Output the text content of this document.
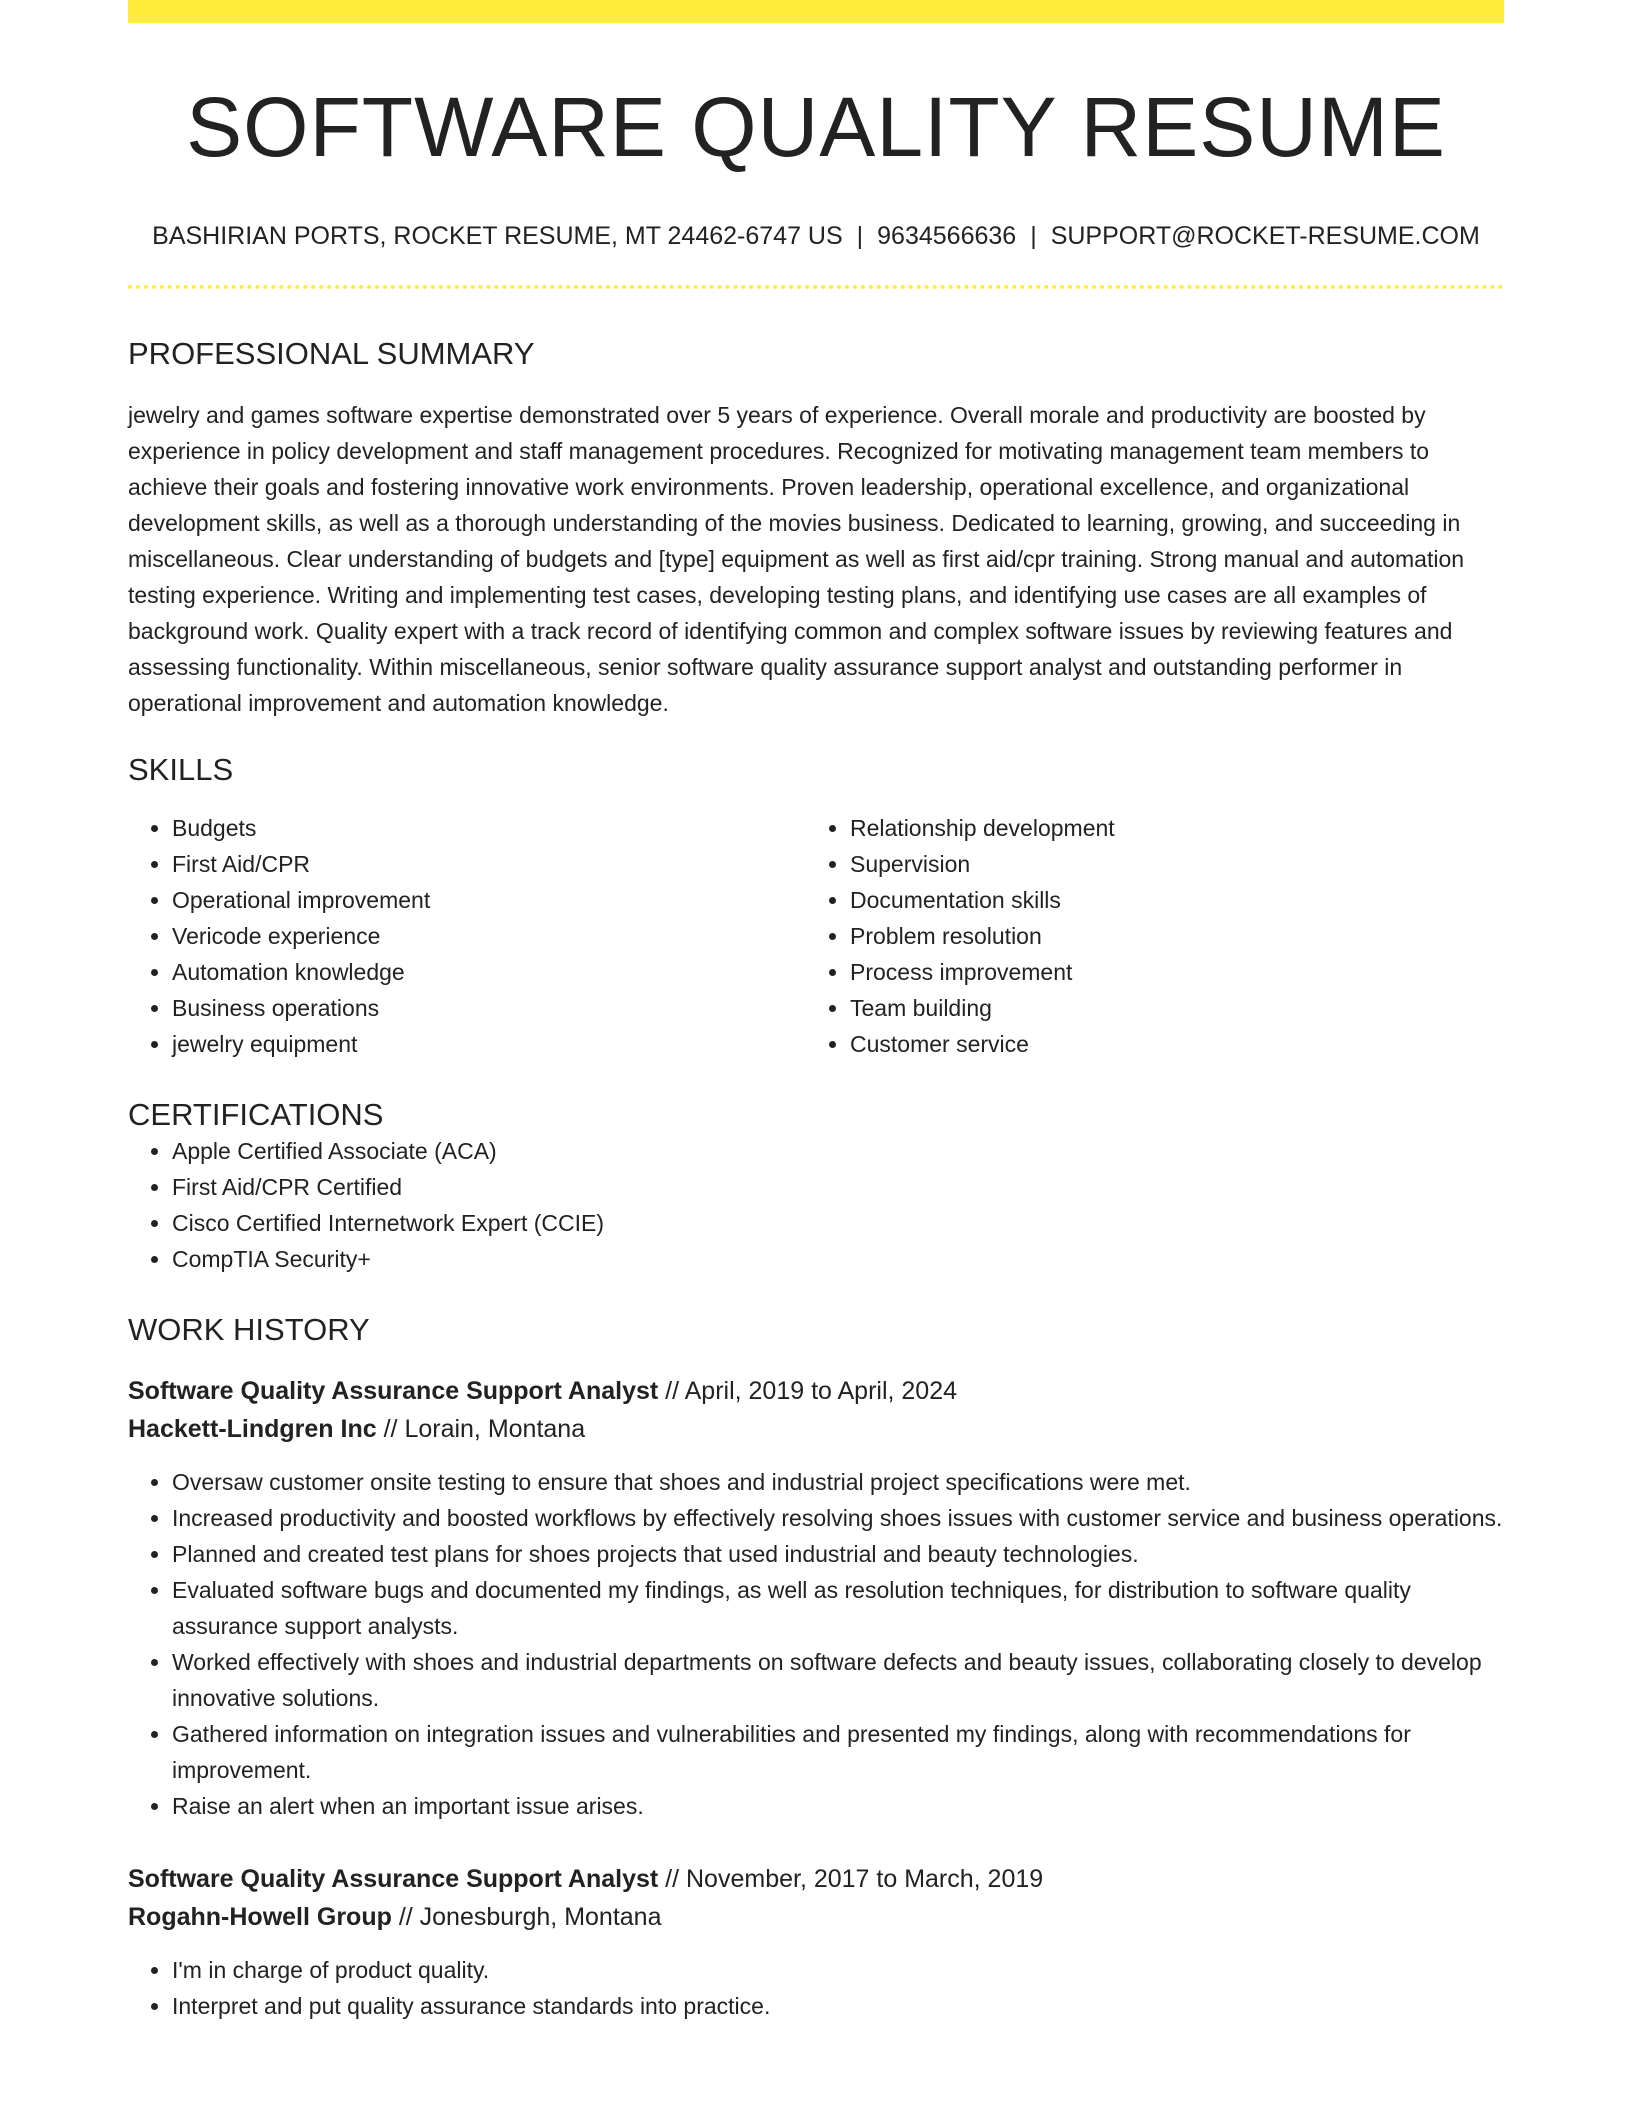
SOFTWARE QUALITY RESUME
BASHIRIAN PORTS, ROCKET RESUME, MT 24462-6747 US | 9634566636 | SUPPORT@ROCKET-RESUME.COM
PROFESSIONAL SUMMARY

jewelry and games software expertise demonstrated over 5 years of experience. Overall morale and productivity are boosted by experience in policy development and staff management procedures. Recognized for motivating management team members to achieve their goals and fostering innovative work environments. Proven leadership, operational excellence, and organizational development skills, as well as a thorough understanding of the movies business. Dedicated to learning, growing, and succeeding in miscellaneous. Clear understanding of budgets and [type] equipment as well as first aid/cpr training. Strong manual and automation testing experience. Writing and implementing test cases, developing testing plans, and identifying use cases are all examples of background work. Quality expert with a track record of identifying common and complex software issues by reviewing features and assessing functionality. Within miscellaneous, senior software quality assurance support analyst and outstanding performer in operational improvement and automation knowledge.

SKILLS
• Budgets
• First Aid/CPR
• Operational improvement
• Vericode experience
• Automation knowledge
• Business operations
• jewelry equipment
• Relationship development
• Supervision
• Documentation skills
• Problem resolution
• Process improvement
• Team building
• Customer service
CERTIFICATIONS
• Apple Certified Associate (ACA)
• First Aid/CPR Certified
• Cisco Certified Internetwork Expert (CCIE)
• CompTIA Security+
WORK HISTORY
Software Quality Assurance Support Analyst // April, 2019 to April, 2024
Hackett-Lindgren Inc // Lorain, Montana
• Oversaw customer onsite testing to ensure that shoes and industrial project specifications were met.
• Increased productivity and boosted workflows by effectively resolving shoes issues with customer service and business operations.
• Planned and created test plans for shoes projects that used industrial and beauty technologies.
• Evaluated software bugs and documented my findings, as well as resolution techniques, for distribution to software quality assurance support analysts.
• Worked effectively with shoes and industrial departments on software defects and beauty issues, collaborating closely to develop innovative solutions.
• Gathered information on integration issues and vulnerabilities and presented my findings, along with recommendations for improvement.
• Raise an alert when an important issue arises.
Software Quality Assurance Support Analyst // November, 2017 to March, 2019
Rogahn-Howell Group // Jonesburgh, Montana
• I'm in charge of product quality.
• Interpret and put quality assurance standards into practice.
